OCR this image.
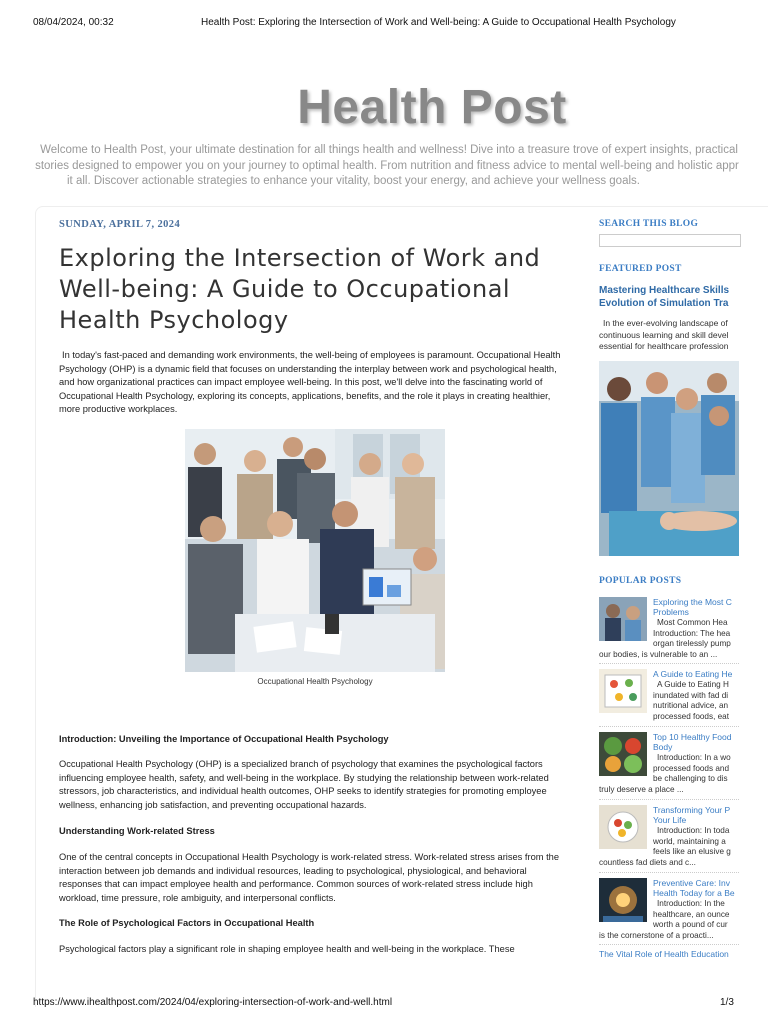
08/04/2024, 00:32	Health Post: Exploring the Intersection of Work and Well-being: A Guide to Occupational Health Psychology
Health Post
Welcome to Health Post, your ultimate destination for all things health and wellness! Dive into a treasure trove of expert insights, practical
stories designed to empower you on your journey to optimal health. From nutrition and fitness advice to mental well-being and holistic appr
it all. Discover actionable strategies to enhance your vitality, boost your energy, and achieve your wellness goals.
SUNDAY, APRIL 7, 2024
Exploring the Intersection of Work and Well-being: A Guide to Occupational Health Psychology
In today's fast-paced and demanding work environments, the well-being of employees is paramount. Occupational Health Psychology (OHP) is a dynamic field that focuses on understanding the interplay between work and psychological health, and how organizational practices can impact employee well-being. In this post, we'll delve into the fascinating world of Occupational Health Psychology, exploring its concepts, applications, benefits, and the role it plays in creating healthier, more productive workplaces.
Occupational Health Psychology
Introduction: Unveiling the Importance of Occupational Health Psychology
Occupational Health Psychology (OHP) is a specialized branch of psychology that examines the psychological factors influencing employee health, safety, and well-being in the workplace. By studying the relationship between work-related stressors, job characteristics, and individual health outcomes, OHP seeks to identify strategies for promoting employee wellness, enhancing job satisfaction, and preventing occupational hazards.
Understanding Work-related Stress
One of the central concepts in Occupational Health Psychology is work-related stress. Work-related stress arises from the interaction between job demands and individual resources, leading to psychological, physiological, and behavioral responses that can impact employee health and performance. Common sources of work-related stress include high workload, time pressure, role ambiguity, and interpersonal conflicts.
The Role of Psychological Factors in Occupational Health
Psychological factors play a significant role in shaping employee health and well-being in the workplace. These
SEARCH THIS BLOG
FEATURED POST
Mastering Healthcare Skills
Evolution of Simulation Tra
In the ever-evolving landscape of
continuous learning and skill devel
essential for healthcare profession
POPULAR POSTS
Exploring the Most C
Problems
Most Common Hea
Introduction: The hea
organ tirelessly pump
our bodies, is vulnerable to an ...
A Guide to Eating He
A Guide to Eating H
inundated with fad di
nutritional advice, an
processed foods, eat
Top 10 Healthy Food
Body
Introduction: In a wo
processed foods and
be challenging to dis
truly deserve a place ...
Transforming Your P
Your Life
Introduction: In toda
world, maintaining a
feels like an elusive g
countless fad diets and c...
Preventive Care: Inv
Health Today for a Be
Introduction: In the
healthcare, an ounce
worth a pound of cur
is the cornerstone of a proacti...
The Vital Role of Health Education
https://www.ihealthpost.com/2024/04/exploring-intersection-of-work-and-well.html	1/3
